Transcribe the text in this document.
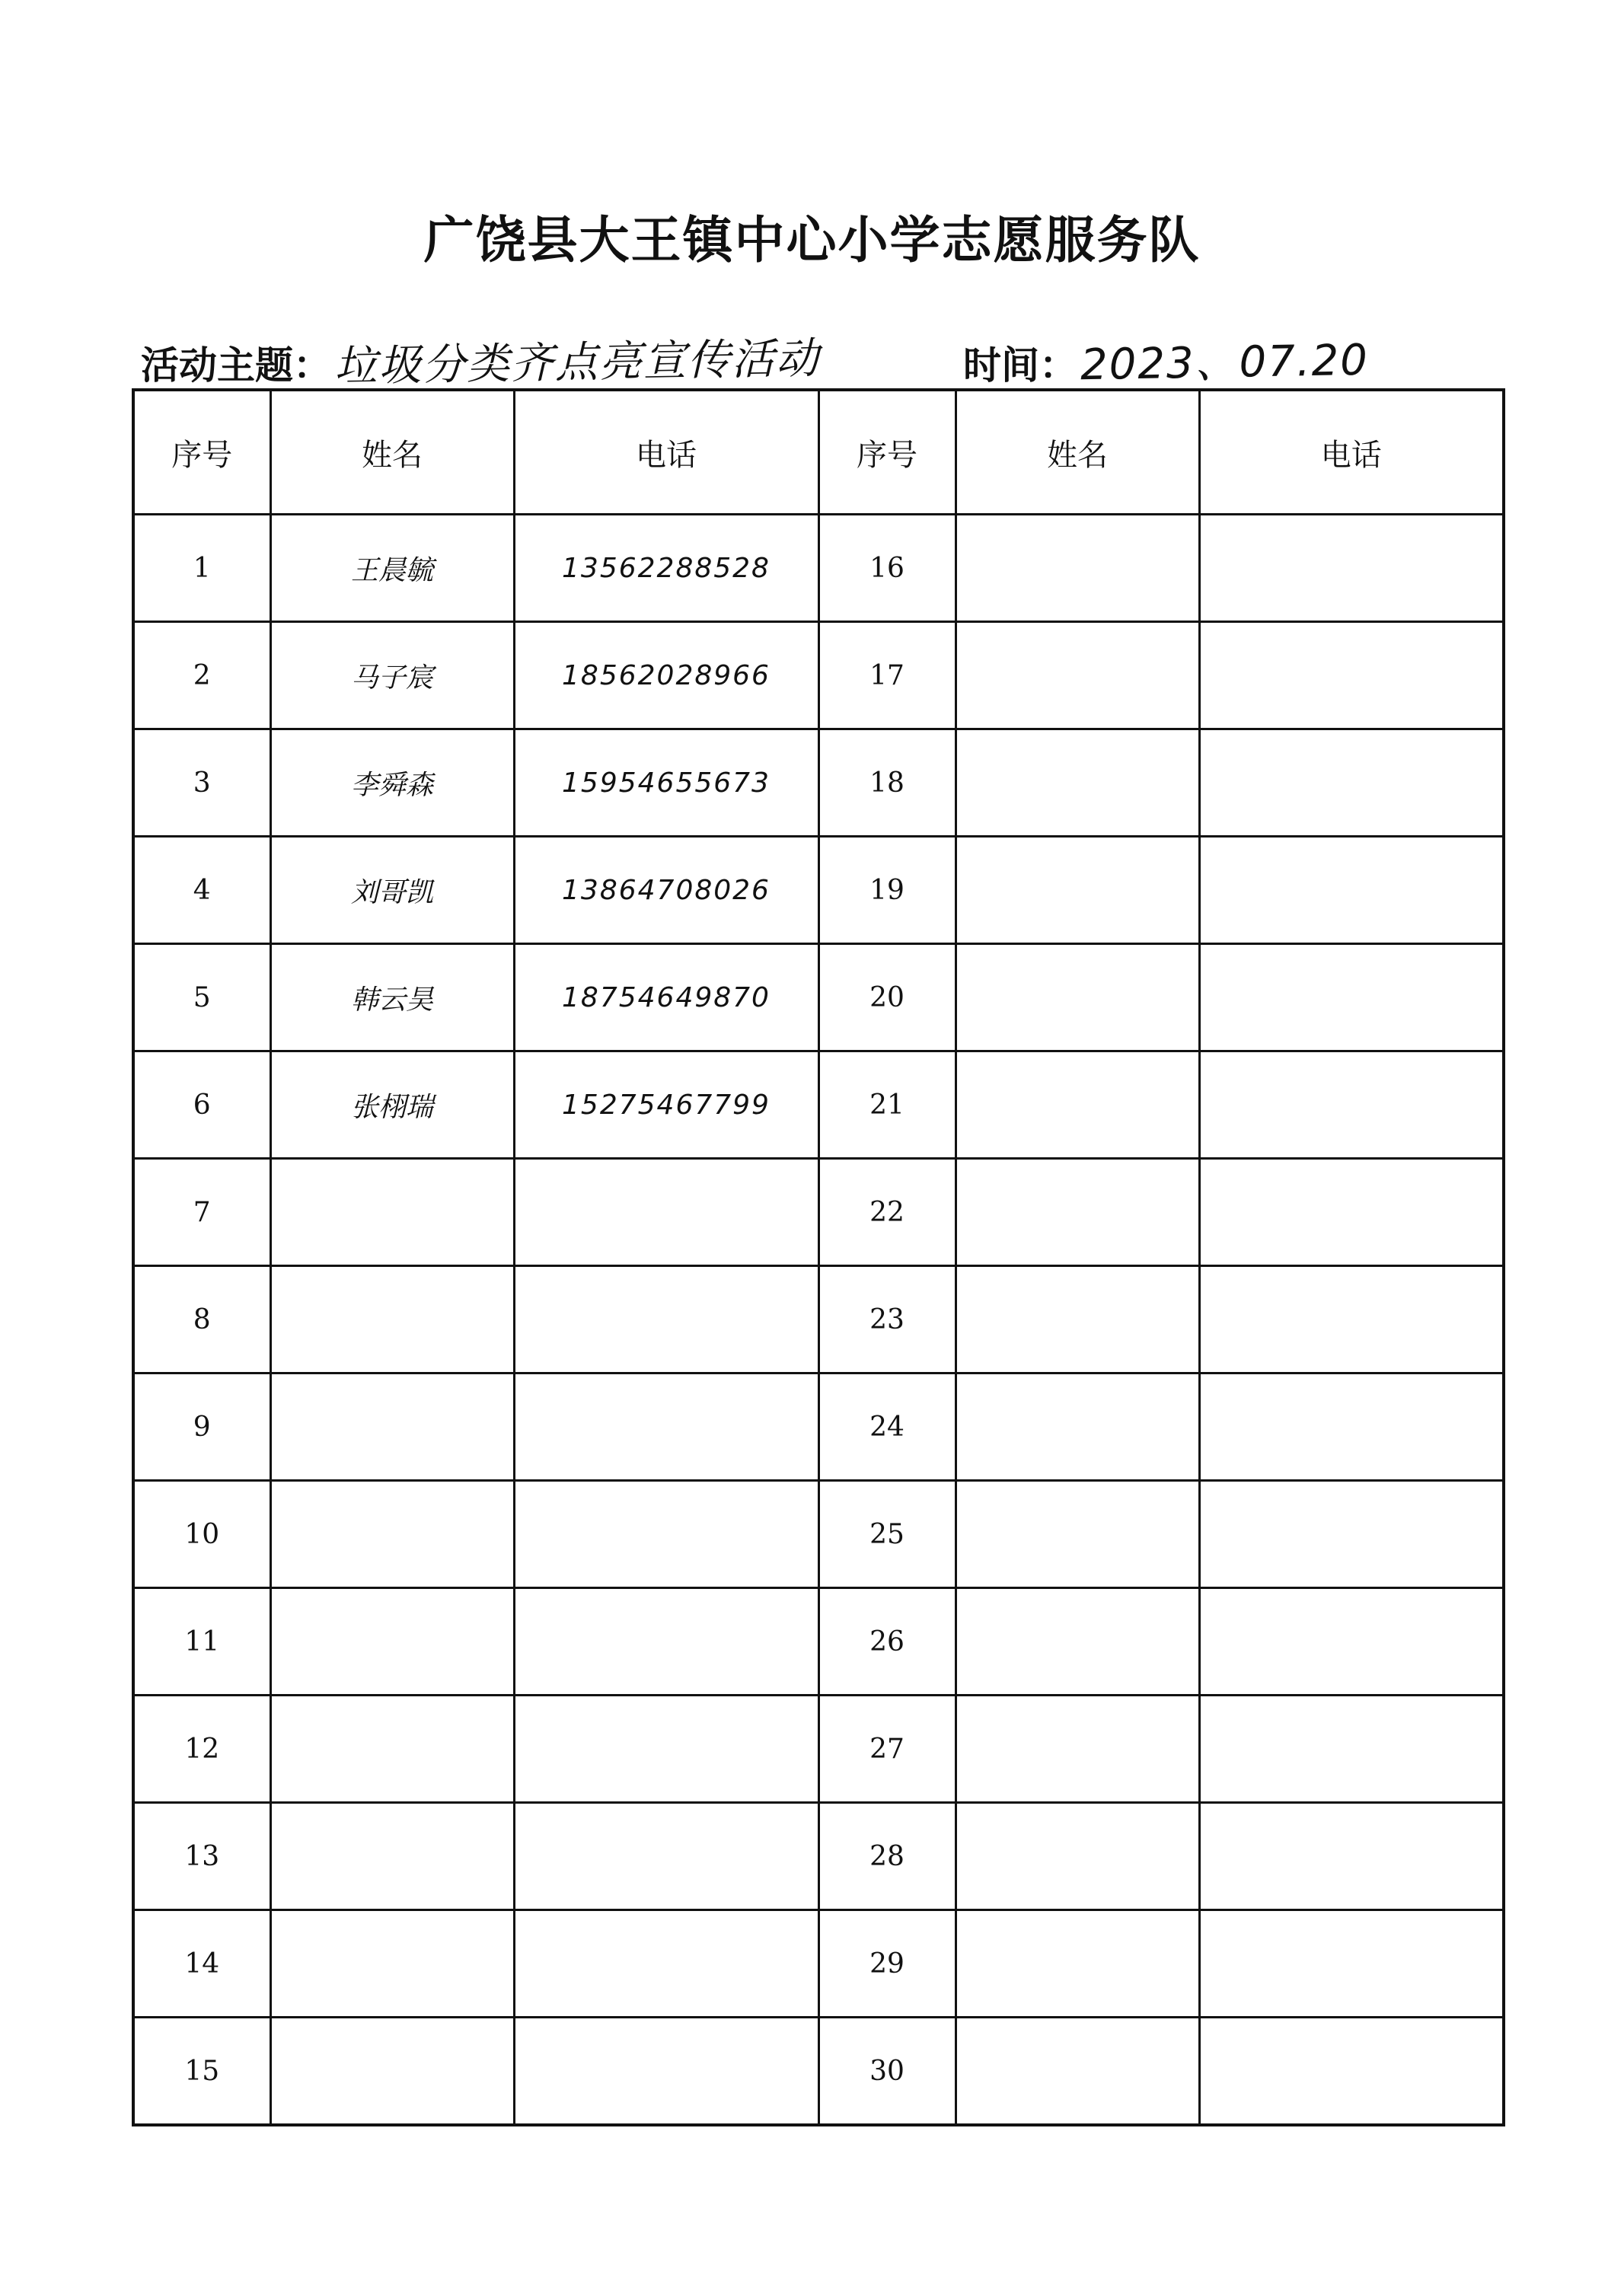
广饶县大王镇中心小学志愿服务队
活动主题： 垃圾分类齐点亮宣传活动	时间： 2023、07.20
序号	姓名	电话	序号	姓名	电话
1	王晨毓	13562288528	16		
2	马子宸	18562028966	17		
3	李舜森	15954655673	18		
4	刘哥凯	13864708026	19		
5	韩云昊	18754649870	20		
6	张栩瑞	15275467799	21		
7			22		
8			23		
9			24		
10			25		
11			26		
12			27		
13			28		
14			29		
15			30		
